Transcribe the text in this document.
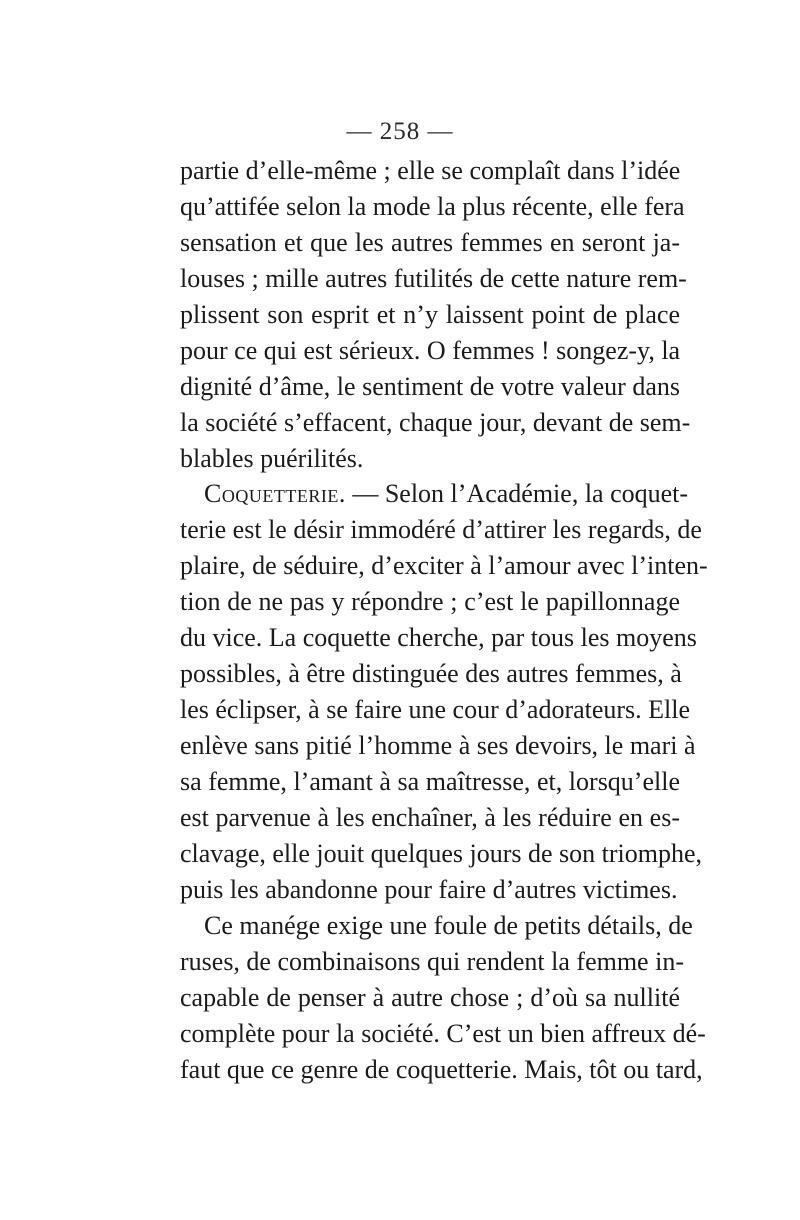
— 258 —
partie d’elle-même ; elle se complaît dans l’idée
qu’attifée selon la mode la plus récente, elle fera
sensation et que les autres femmes en seront ja-
louses ; mille autres futilités de cette nature rem-
plissent son esprit et n’y laissent point de place
pour ce qui est sérieux. O femmes ! songez-y, la
dignité d’âme, le sentiment de votre valeur dans
la société s’effacent, chaque jour, devant de sem-
blables puérilités.
Coquetterie. — Selon l’Académie, la coquet-
terie est le désir immodéré d’attirer les regards, de
plaire, de séduire, d’exciter à l’amour avec l’inten-
tion de ne pas y répondre ; c’est le papillonnage
du vice. La coquette cherche, par tous les moyens
possibles, à être distinguée des autres femmes, à
les éclipser, à se faire une cour d’adorateurs. Elle
enlève sans pitié l’homme à ses devoirs, le mari à
sa femme, l’amant à sa maîtresse, et, lorsqu’elle
est parvenue à les enchaîner, à les réduire en es-
clavage, elle jouit quelques jours de son triomphe,
puis les abandonne pour faire d’autres victimes.
Ce manége exige une foule de petits détails, de
ruses, de combinaisons qui rendent la femme in-
capable de penser à autre chose ; d’où sa nullité
complète pour la société. C’est un bien affreux dé-
faut que ce genre de coquetterie. Mais, tôt ou tard,
